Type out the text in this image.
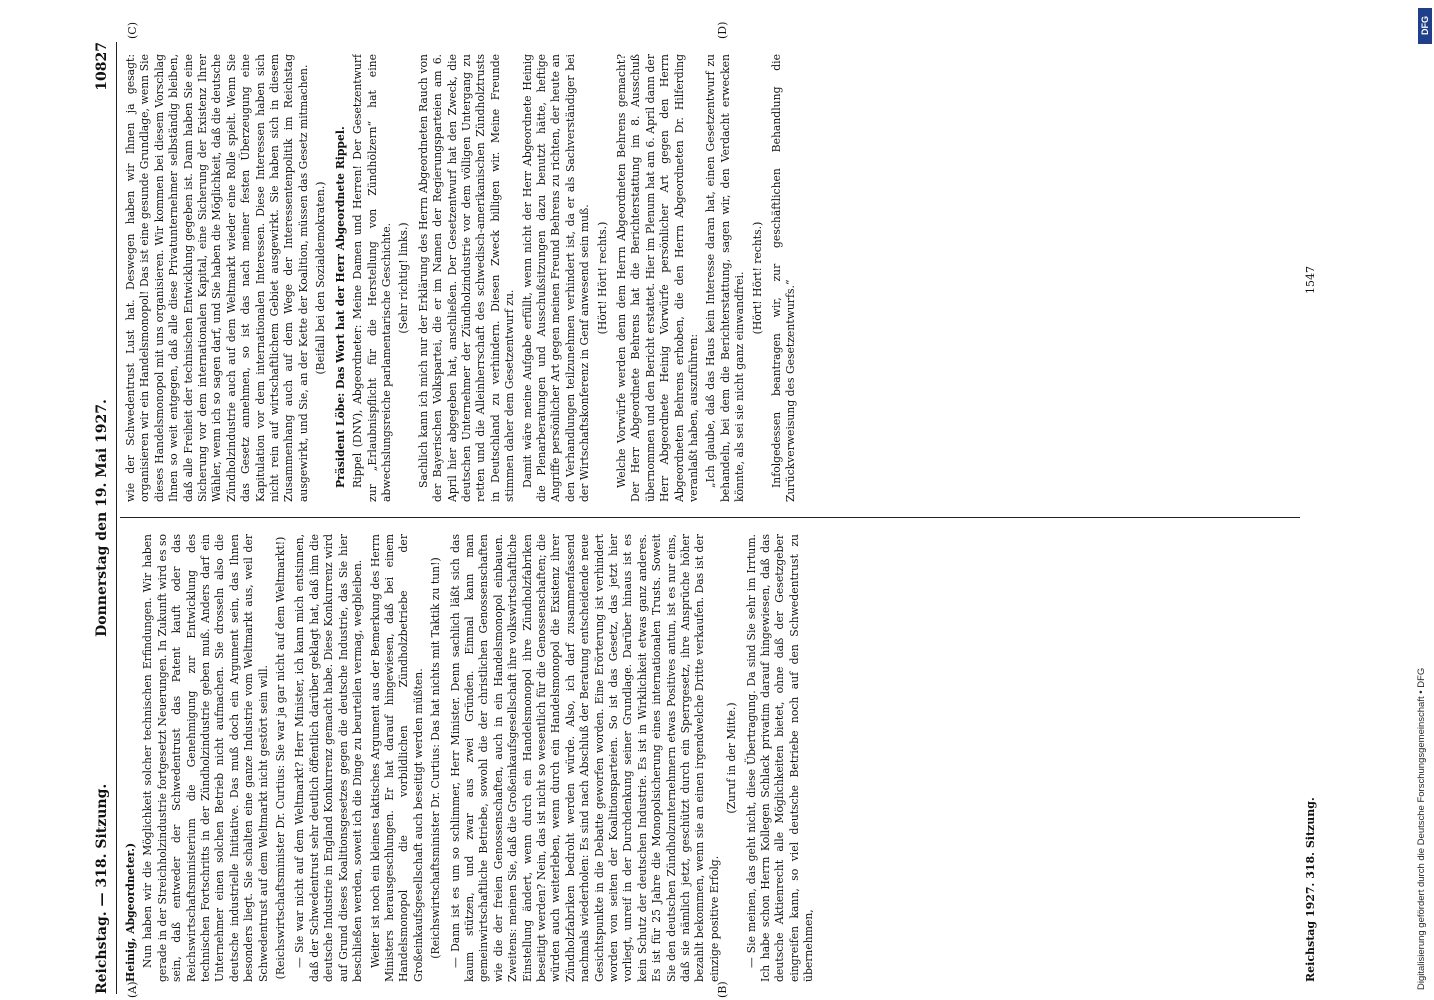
Reichstag. — 318. Sitzung.
Donnerstag den 19. Mai 1927.
10827
(A)	(B)
(C)	(D)

Heinig, Abgeordneter.) Nun haben wir die Möglichkeit solcher technischen Erfindungen. Wir haben gerade in der Streichholzindustrie fortgesetzt Neuerungen. In Zukunft wird es so sein, daß entweder der Schwedentrust das Patent kauft oder das Reichswirtschaftsministerium die Genehmigung zur Entwicklung des technischen Fortschritts in der Zündholzindustrie geben muß. Anders darf ein Unternehmer einen solchen Betrieb nicht aufmachen. Sie drosseln also die deutsche industrielle Initiative. Das muß doch ein Argument sein, das Ihnen besonders liegt. Sie schalten eine ganze Industrie vom Weltmarkt aus, weil der Schwedentrust auf dem Weltmarkt nicht gestört sein will. (Reichswirtschaftsminister Dr. Curtius: Sie war ja gar nicht auf dem Weltmarkt!) — Sie war nicht auf dem Weltmarkt? Herr Minister, ich kann mich entsinnen, daß der Schwedentrust sehr deutlich öffentlich darüber geklagt hat, daß ihm die deutsche Industrie in England Konkurrenz gemacht habe. Diese Konkurrenz wird auf Grund dieses Koalitionsgesetzes gegen die deutsche Industrie, das Sie hier beschließen werden, soweit ich die Dinge zu beurteilen vermag, wegbleiben. Weiter ist noch ein kleines taktisches Argument aus der Bemerkung des Herrn Ministers herausgeschlungen. Er hat darauf hingewiesen, daß bei einem Handelsmonopol die vorbildlichen Zündholzbetriebe der Großeinkaufsgesellschaft auch beseitigt werden müßten. (Reichswirtschaftsminister Dr. Curtius: Das hat nichts mit Taktik zu tun!) — Dann ist es um so schlimmer, Herr Minister. Denn sachlich läßt sich das kaum stützen, und zwar aus zwei Gründen. Einmal kann man gemeinwirtschaftliche Betriebe, sowohl die der christlichen Genossenschaften wie die der freien Genossenschaften, auch in ein Handelsmonopol einbauen. Zweitens: meinen Sie, daß die Großeinkaufsgesellschaft ihre volkswirtschaftliche Einstellung ändert, wenn durch ein Handelsmonopol ihre Zündholzfabriken beseitigt werden? Nein, das ist nicht so wesentlich für die Genossenschaften; die würden auch weiterleben, wenn durch ein Handelsmonopol die Existenz ihrer Zündholzfabriken bedroht werden würde. Also, ich darf zusammenfassend nachmals wiederholen: Es sind nach Abschluß der Beratung entscheidende neue Gesichtspunkte in die Debatte geworfen worden. Eine Erörterung ist verhindert worden von seiten der Koalitionsparteien. So ist das Gesetz, das jetzt hier vorliegt, unreif in der Durchdenkung seiner Grundlage. Darüber hinaus ist es kein Schutz der deutschen Industrie. Es ist in Wirklichkeit etwas ganz anderes. Es ist für 25 Jahre die Monopolsicherung eines internationalen Trusts. Soweit Sie den deutschen Zündholzunternehmern etwas Positives antun, ist es nur eins, daß sie nämlich jetzt, geschützt durch ein Sperrgesetz, ihre Ansprüche höher bezahlt bekommen, wenn sie an einen irgendwelche Dritte verkaufen. Das ist der einzige positive Erfolg.

(Zuruf in der Mitte.) — Sie meinen, das geht nicht, diese Übertragung. Da sind Sie sehr im Irrtum. Ich habe schon Herrn Kollegen Schlack privatim darauf hingewiesen, daß das deutsche Aktienrecht alle Möglichkeiten bietet, ohne daß der Gesetzgeber eingreifen kann, so viel deutsche Betriebe noch auf den Schwedentrust zu übernehmen,

wie der Schwedentrust Lust hat. Deswegen haben wir Ihnen ja gesagt: organisieren wir ein Handelsmonopol! Das ist eine gesunde Grundlage, wenn Sie dieses Handelsmonopol mit uns organisieren. Wir kommen bei diesem Vorschlag Ihnen so weit entgegen, daß alle diese Privatunternehmer selbständig bleiben, daß alle Freiheit der technischen Entwicklung gegeben ist. Dann haben Sie eine Sicherung vor dem internationalen Kapital, eine Sicherung der Existenz Ihrer Wähler, wenn ich so sagen darf, und Sie haben die Möglichkeit, daß die deutsche Zündholzindustrie auch auf dem Weltmarkt wieder eine Rolle spielt. Wenn Sie das Gesetz annehmen, so ist das nach meiner festen Überzeugung eine Kapitulation vor dem internationalen Interessen. Diese Interessen haben sich nicht rein auf wirtschaftlichem Gebiet ausgewirkt. Sie haben sich in diesem Zusammenhang auch auf dem Wege der Interessentenpolitik im Reichstag ausgewirkt, und Sie, an der Kette der Koalition, müssen das Gesetz mitmachen. (Beifall bei den Sozialdemokraten.) Präsident Löbe: Das Wort hat der Herr Abgeordnete Rippel. Rippel (DNV), Abgeordneter: Meine Damen und Herren! Der Gesetzentwurf zur „Erlaubnispflicht für die Herstellung von Zündhölzern“ hat eine abwechslungsreiche parlamentarische Geschichte. (Sehr richtig! links.) Sachlich kann ich mich nur der Erklärung des Herrn Abgeordneten Rauch von der Bayerischen Volkspartei, die er im Namen der Regierungsparteien am 6. April hier abgegeben hat, anschließen. Der Gesetzentwurf hat den Zweck, die deutschen Unternehmer der Zündholzindustrie vor dem völligen Untergang zu retten und die Alleinherrschaft des schwedisch-amerikanischen Zündholztrusts in Deutschland zu verhindern. Diesen Zweck billigen wir. Meine Freunde stimmen daher dem Gesetzentwurf zu. Damit wäre meine Aufgabe erfüllt, wenn nicht der Herr Abgeordnete Heinig die Plenarberatungen und Ausschußsitzungen dazu benutzt hätte, heftige Angriffe persönlicher Art gegen meinen Freund Behrens zu richten, der heute an den Verhandlungen teilzunehmen verhindert ist, da er als Sachverständiger bei der Wirtschaftskonferenz in Genf anwesend sein muß. (Hört! Hört! rechts.) Welche Vorwürfe werden denn dem Herrn Abgeordneten Behrens gemacht? Der Herr Abgeordnete Behrens hat die Berichterstattung im 8. Ausschuß übernommen und den Bericht erstattet. Hier im Plenum hat am 6. April dann der Herr Abgeordnete Heinig Vorwürfe persönlicher Art gegen den Herrn Abgeordneten Behrens erhoben, die den Herrn Abgeordneten Dr. Hilferding veranlaßt haben, auszuführen: „Ich glaube, daß das Haus kein Interesse daran hat, einen Gesetzentwurf zu behandeln, bei dem die Berichterstattung, sagen wir, den Verdacht erwecken könnte, als sei sie nicht ganz einwandfrei. (Hört! Hört! rechts.) Infolgedessen beantragen wir, zur geschäftlichen Behandlung die Zurückverweisung des Gesetzentwurfs.“

Reichstag 1927. 318. Sitzung.
1547
Digitalisierung gefördert durch die Deutsche Forschungsgemeinschaft • DFG
DFG
